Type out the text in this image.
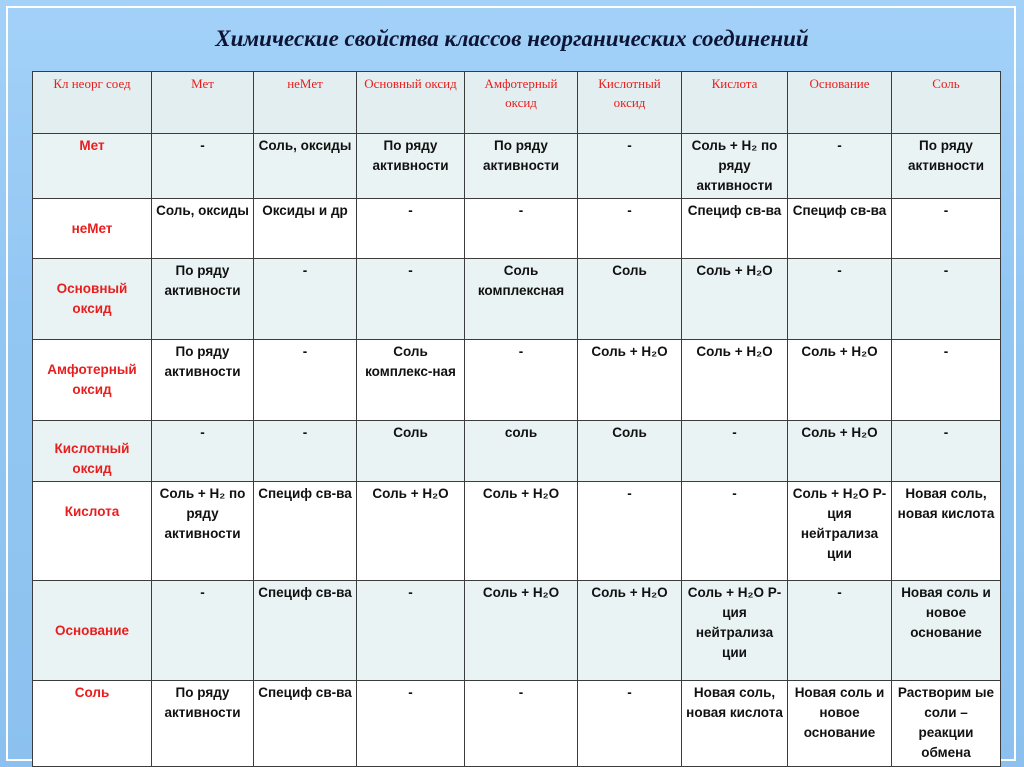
Химические свойства классов неорганических соединений
Кл неорг соед	Мет	неМет	Основный оксид	Амфотерный оксид	Кислотный оксид	Кислота	Основание	Соль
Мет	-	Соль, оксиды	По ряду активности	По ряду активности	-	Соль + H₂ по ряду активности	-	По ряду активности
неМет	Соль, оксиды	Оксиды и др	-	-	-	Специф св-ва	Специф св-ва	-
Основный оксид	По ряду активности	-	-	Соль комплексная	Соль	Соль + H₂O	-	-
Амфотерный оксид	По ряду активности	-	Соль комплекс-ная	-	Соль + H₂O	Соль + H₂O	Соль + H₂O	-
Кислотный оксид	-	-	Соль	соль	Соль	-	Соль + H₂O	-
Кислота	Соль + H₂ по ряду активности	Специф св-ва	Соль + H₂O	Соль + H₂O	-	-	Соль + H₂O Р-ция нейтрализа ции	Новая соль, новая кислота
Основание	-	Специф св-ва	-	Соль + H₂O	Соль + H₂O	Соль + H₂O Р-ция нейтрализа ции	-	Новая соль и новое основание
Соль	По ряду активности	Специф св-ва	-	-	-	Новая соль, новая кислота	Новая соль и новое основание	Растворим ые соли – реакции обмена
